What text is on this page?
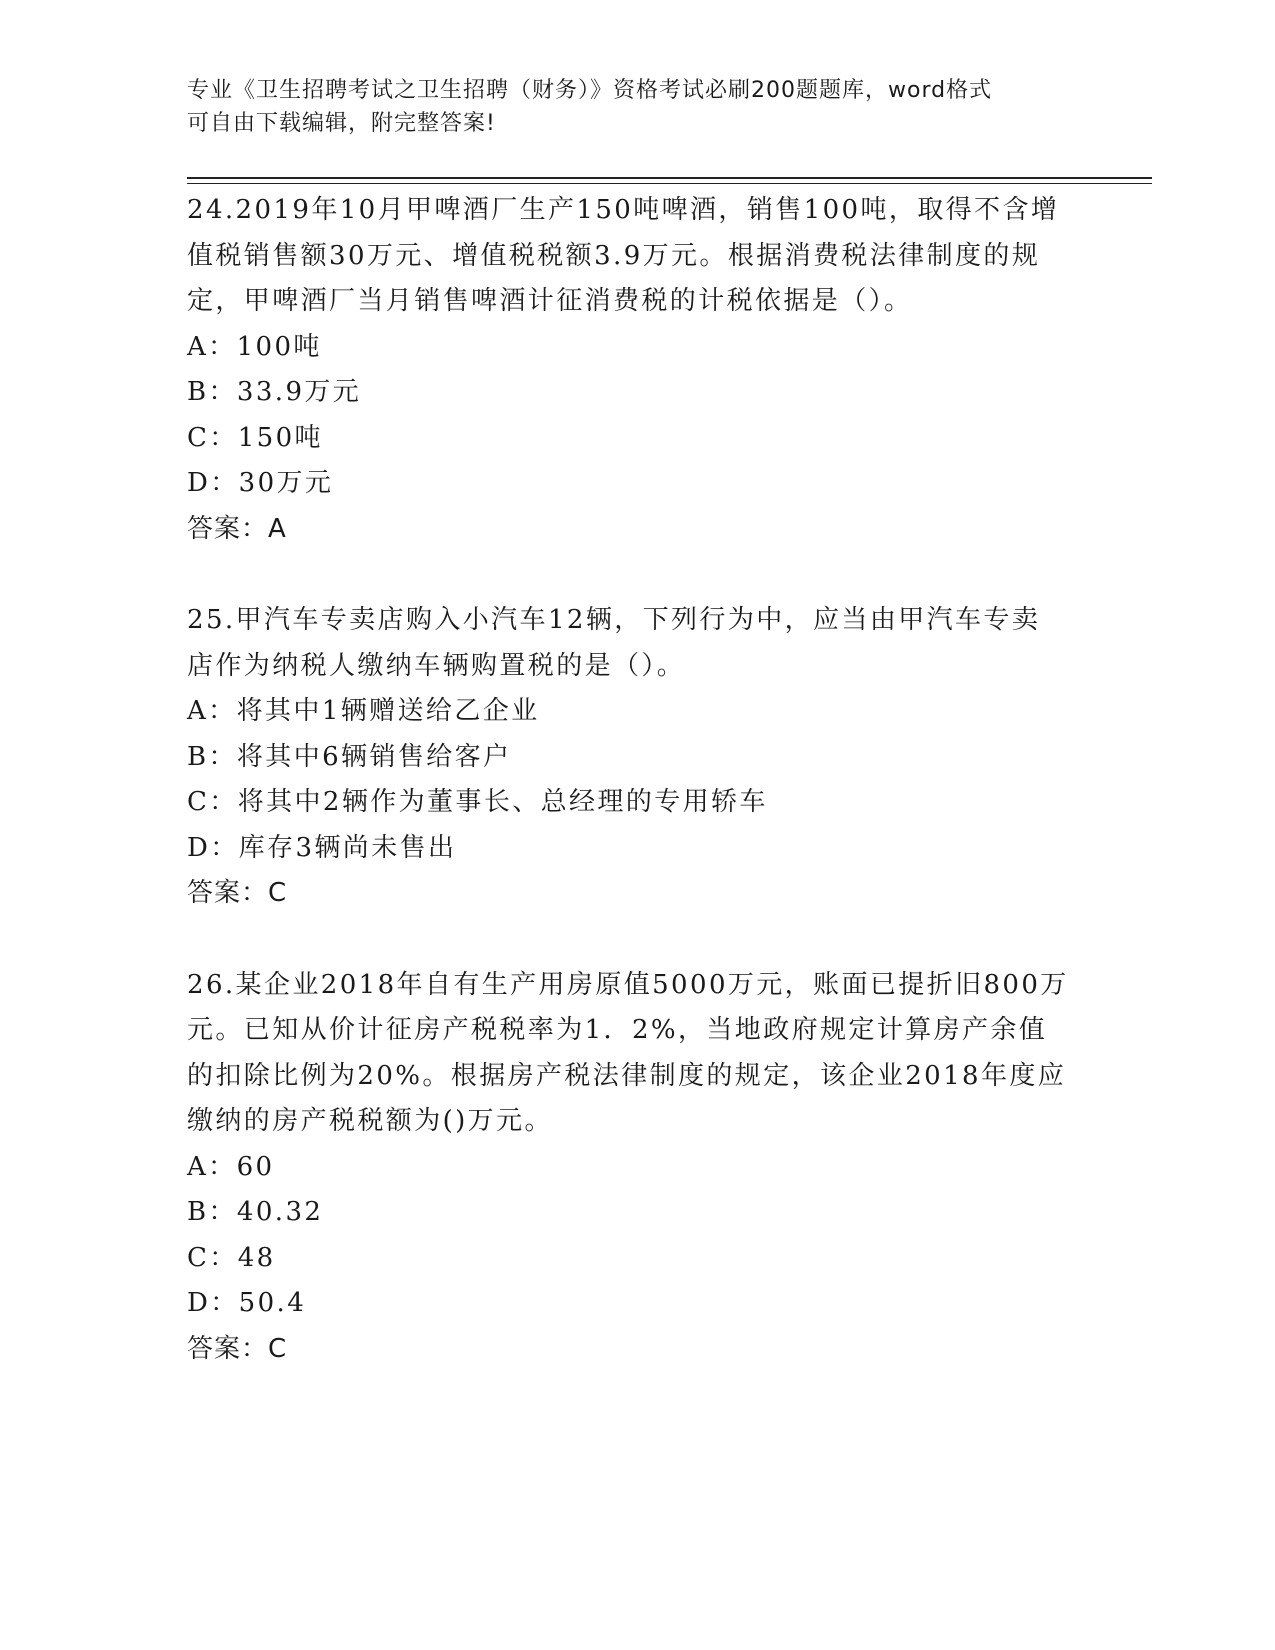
专业《卫生招聘考试之卫生招聘（财务）》资格考试必刷200题题库，word格式
可自由下载编辑，附完整答案!

24.2019年10月甲啤酒厂生产150吨啤酒，销售100吨，取得不含增

值税销售额30万元、增值税税额3.9万元。根据消费税法律制度的规

定，甲啤酒厂当月销售啤酒计征消费税的计税依据是（）。

A：100吨

B：33.9万元

C：150吨

D：30万元

答案：A

25.甲汽车专卖店购入小汽车12辆，下列行为中，应当由甲汽车专卖

店作为纳税人缴纳车辆购置税的是（）。

A：将其中1辆赠送给乙企业

B：将其中6辆销售给客户

C：将其中2辆作为董事长、总经理的专用轿车

D：库存3辆尚未售出

答案：C

26.某企业2018年自有生产用房原值5000万元，账面已提折旧800万

元。已知从价计征房产税税率为1．2%，当地政府规定计算房产余值

的扣除比例为20%。根据房产税法律制度的规定，该企业2018年度应

缴纳的房产税税额为()万元。

A：60

B：40.32

C：48

D：50.4

答案：C
